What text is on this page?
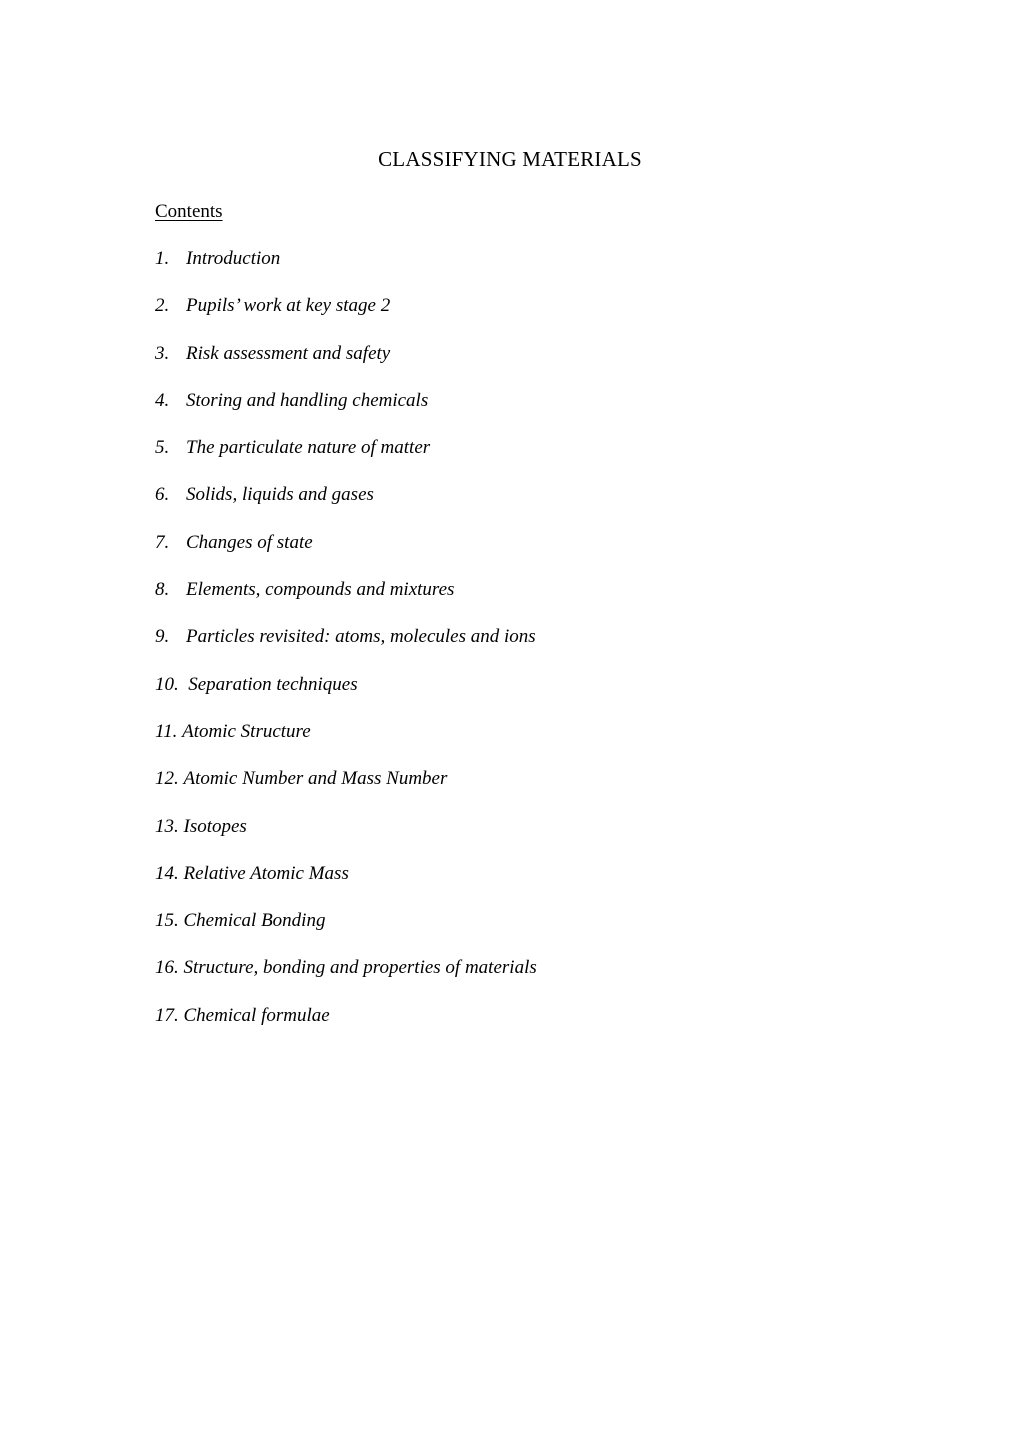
CLASSIFYING MATERIALS
Contents
1. Introduction
2. Pupils’ work at key stage 2
3. Risk assessment and safety
4. Storing and handling chemicals
5. The particulate nature of matter
6. Solids, liquids and gases
7. Changes of state
8. Elements, compounds and mixtures
9. Particles revisited: atoms, molecules and ions
10.
Separation techniques
11.
Atomic Structure
12.
Atomic Number and Mass Number
13.
Isotopes
14.
Relative Atomic Mass
15.
Chemical Bonding
16.
Structure, bonding and properties of materials
17.
Chemical formulae
